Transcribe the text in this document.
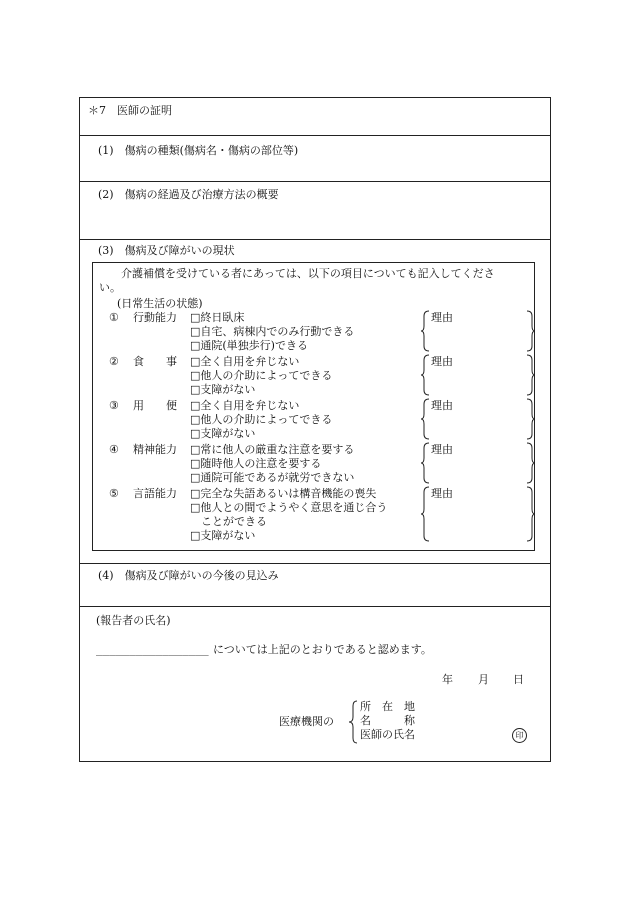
＊7　医師の証明
(1)　傷病の種類(傷病名・傷病の部位等)
(2)　傷病の経過及び治療方法の概要
(3)　傷病及び障がいの現状
介護補償を受けている者にあっては、以下の項目についても記入してくださ
い。
(日常生活の状態)
① 行動能力 □終日臥床
□自宅、病棟内でのみ行動できる
□通院(単独歩行)できる
② 食　　事 □全く自用を弁じない
□他人の介助によってできる
□支障がない
③ 用　　便 □全く自用を弁じない
□他人の介助によってできる
□支障がない
④ 精神能力 □常に他人の厳重な注意を要する
□随時他人の注意を要する
□通院可能であるが就労できない
⑤ 言語能力 □完全な失語あるいは構音機能の喪失
□他人との間でようやく意思を通じ合う
　ことができる
□支障がない
理由
理由
理由
理由
理由
(4)　傷病及び障がいの今後の見込み
(報告者の氏名)
_________________ については上記のとおりであると認めます。
年 月 日
医療機関の
所　在　地
名　　　称
医師の氏名	印
